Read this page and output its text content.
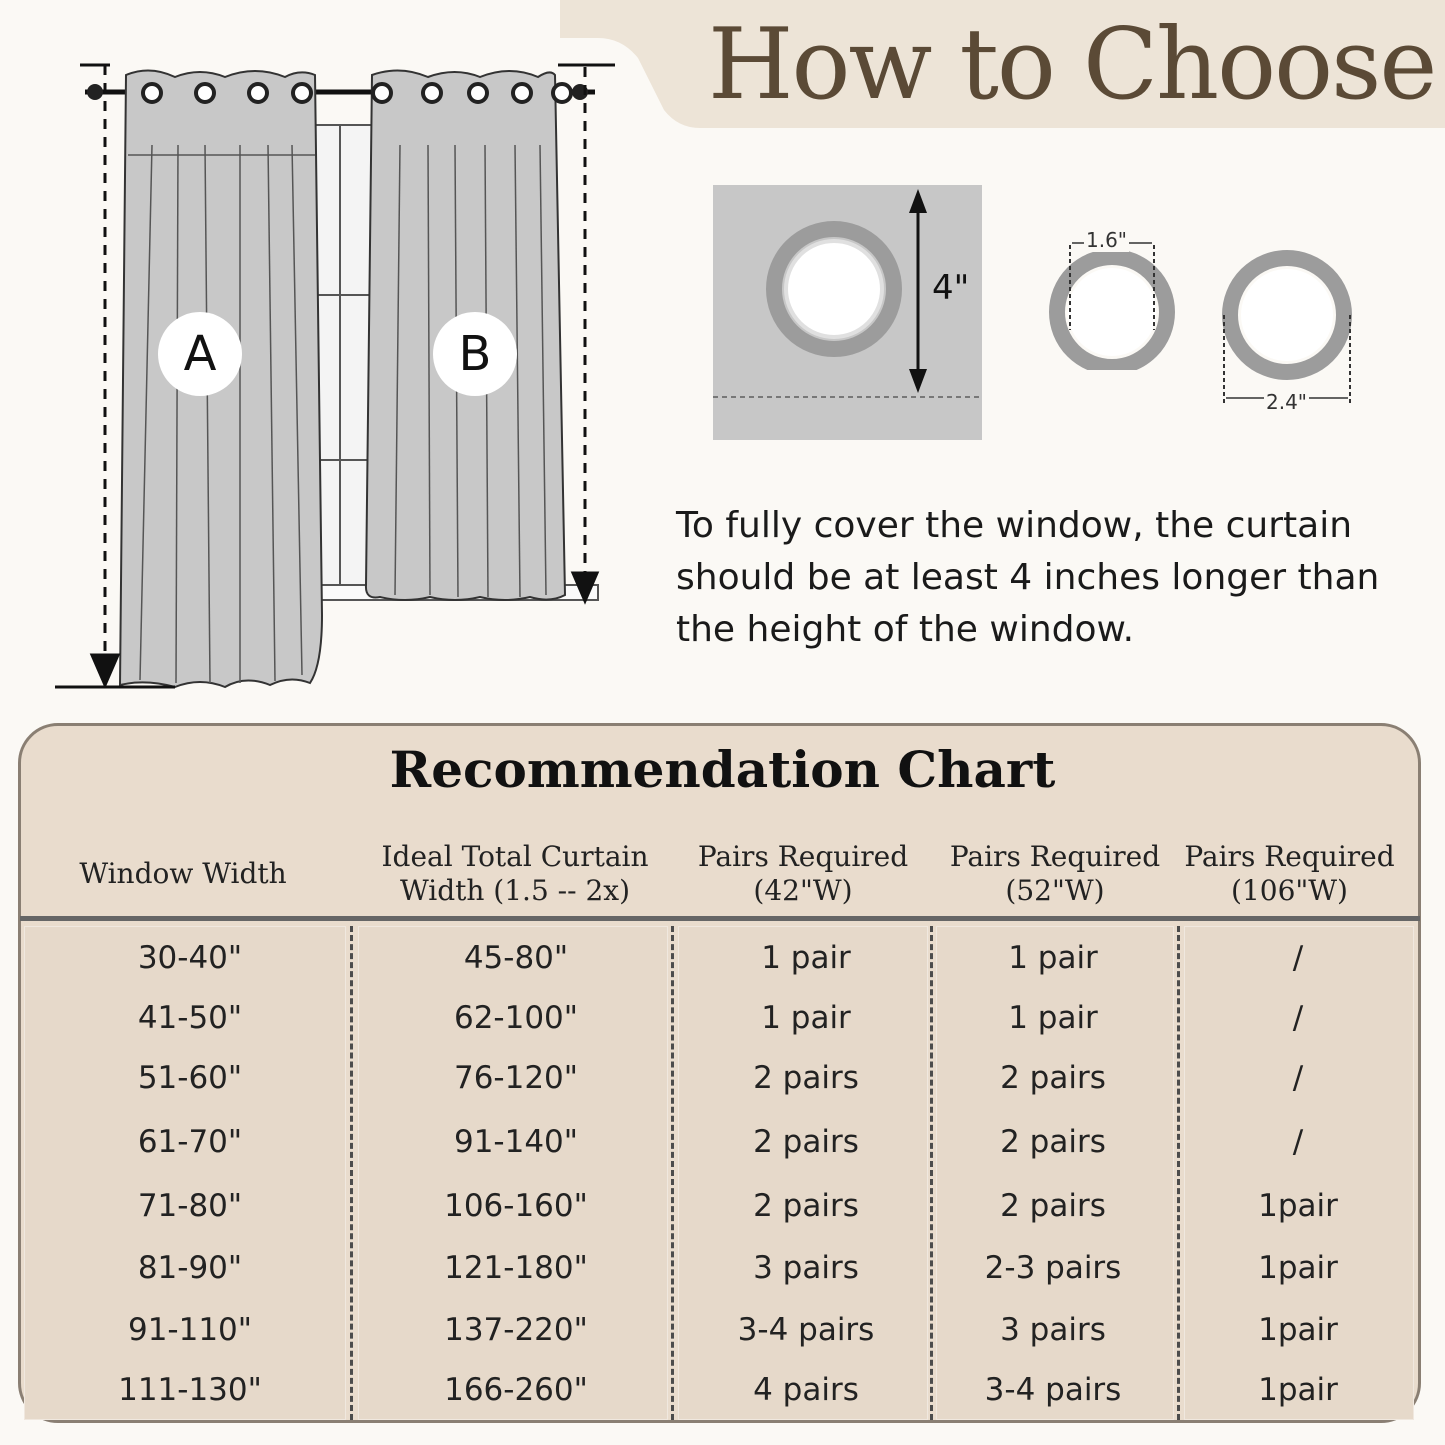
How to Choose
A	B
4"
1.6"
2.4"
To fully cover the window, the curtain should be at least 4 inches longer than the height of the window.
Recommendation Chart
Window Width
Ideal Total Curtain
Width (1.5 -- 2x)
Pairs Required
(42"W)
Pairs Required
(52"W)
Pairs Required
(106"W)
30-40"	45-80"	1 pair	1 pair	/
41-50"	62-100"	1 pair	1 pair	/
51-60"	76-120"	2 pairs	2 pairs	/
61-70"	91-140"	2 pairs	2 pairs	/
71-80"	106-160"	2 pairs	2 pairs	1pair
81-90"	121-180"	3 pairs	2-3 pairs	1pair
91-110"	137-220"	3-4 pairs	3 pairs	1pair
111-130"	166-260"	4 pairs	3-4 pairs	1pair
